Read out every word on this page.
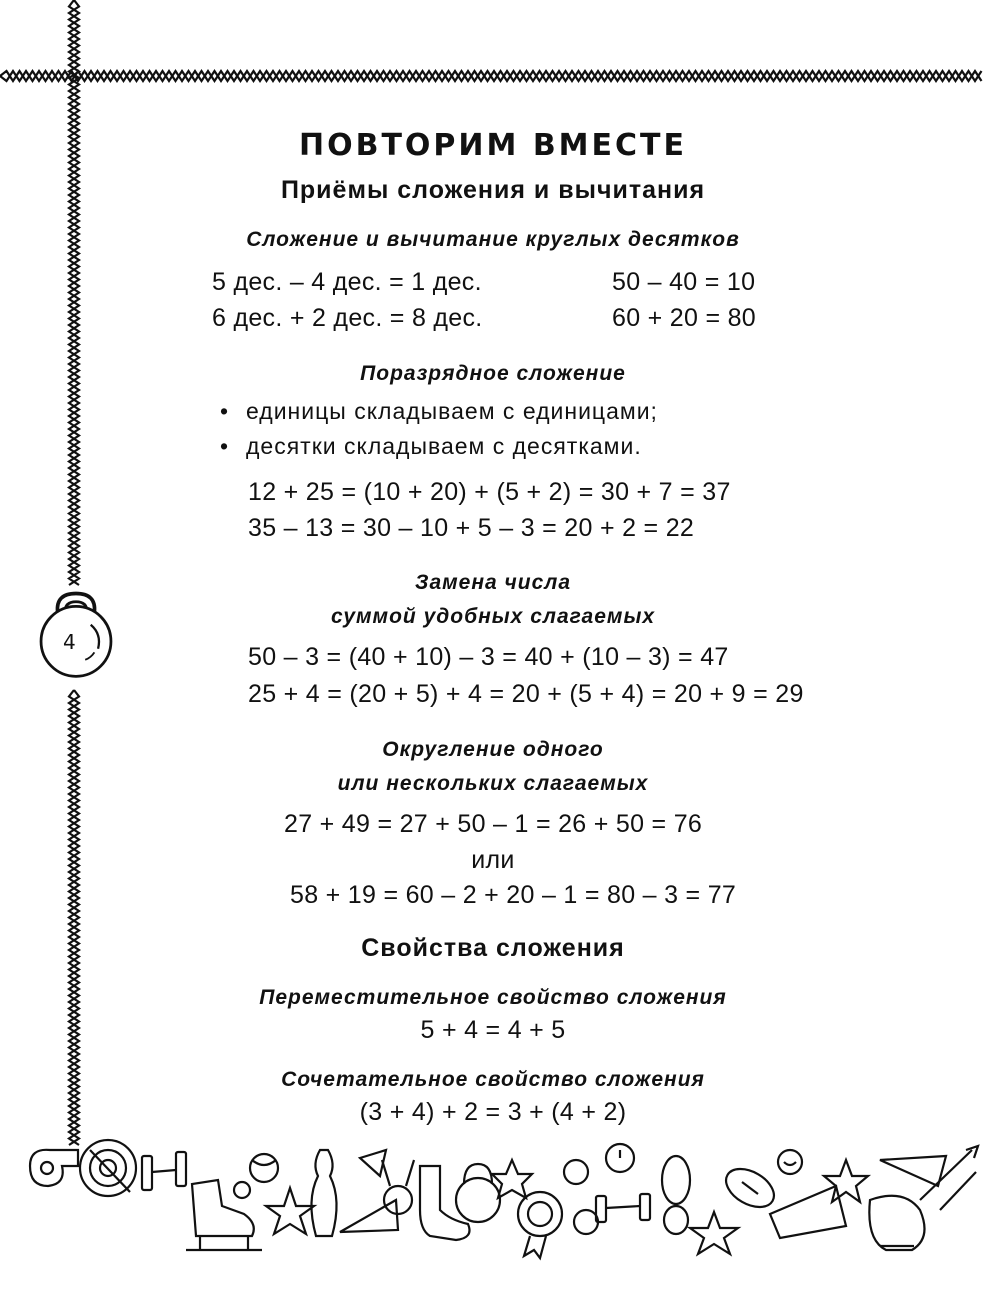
4
ПОВТОРИМ ВМЕСТЕ
Приёмы сложения и вычитания
Сложение и вычитание круглых десятков
5 дес. – 4 дес. = 1 дес.
6 дес. + 2 дес. = 8 дес.
50 – 40 = 10
60 + 20 = 80
Поразрядное сложение
• единицы складываем с единицами;
• десятки складываем с десятками.
12 + 25 = (10 + 20) + (5 + 2) = 30 + 7 = 37
35 – 13 = 30 – 10 + 5 – 3 = 20 + 2 = 22
Замена числа
суммой удобных слагаемых
50 – 3 = (40 + 10) – 3 = 40 + (10 – 3) = 47
25 + 4 = (20 + 5) + 4 = 20 + (5 + 4) = 20 + 9 = 29
Округление одного
или нескольких слагаемых
27 + 49 = 27 + 50 – 1 = 26 + 50 = 76
или
58 + 19 = 60 – 2 + 20 – 1 = 80 – 3 = 77
Свойства сложения
Переместительное свойство сложения
5 + 4 = 4 + 5
Сочетательное свойство сложения
(3 + 4) + 2 = 3 + (4 + 2)
